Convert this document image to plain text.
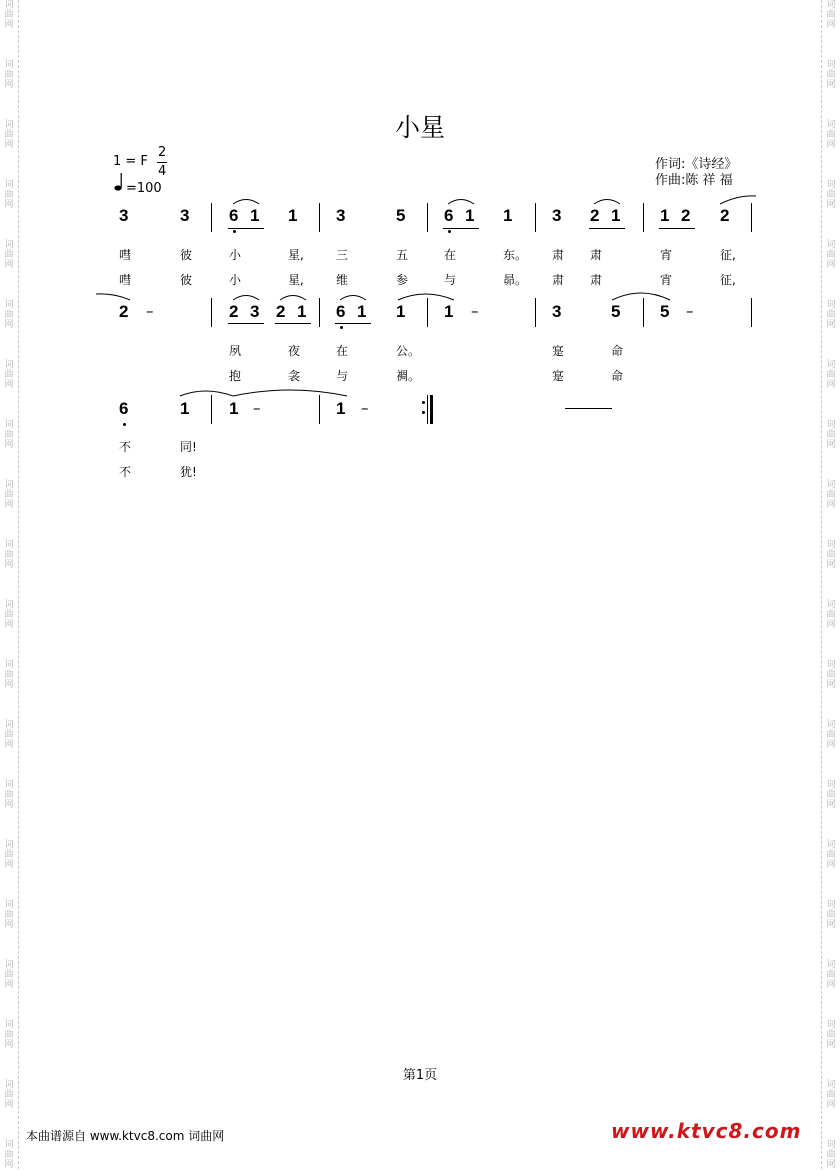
词
曲
网
词
曲
网
词
曲
网
词
曲
网
词
曲
网
词
曲
网
词
曲
网
词
曲
网
词
曲
网
词
曲
网
词
曲
网
词
曲
网
词
曲
网
词
曲
网
词
曲
网
词
曲
网
词
曲
网
词
曲
网
词
曲
网
词
曲
网
词
曲
网
词
曲
网
词
曲
网
词
曲
网
词
曲
网
词
曲
网
词
曲
网
词
曲
网
词
曲
网
词
曲
网
词
曲
网
词
曲
网
词
曲
网
词
曲
网
词
曲
网
词
曲
网
词
曲
网
词
曲
网
词
曲
网
词
曲
网
小星
1 = F
2
4
=100
作词:《诗经》
作曲:陈 祥 福
3	3 6 1 1 3	5 6 1 1 3 2 1 1 2 2
嘒	彼	小	星,	三	五	在	东。 肃 肃	宵	征,
嘒	彼	小	星,	维	参	与	昴。 肃 肃	宵	征,
2 –	2 3 2 1 6 1 1 1 –	3	5 5 –
夙	夜	在	公。	寔	命
抱	衾	与	裯。	寔	命
6	1 1 –	1 –
不	同!
不	犹!
第1页
本曲谱源自 www.ktvc8.com 词曲网	www.ktvc8.com
